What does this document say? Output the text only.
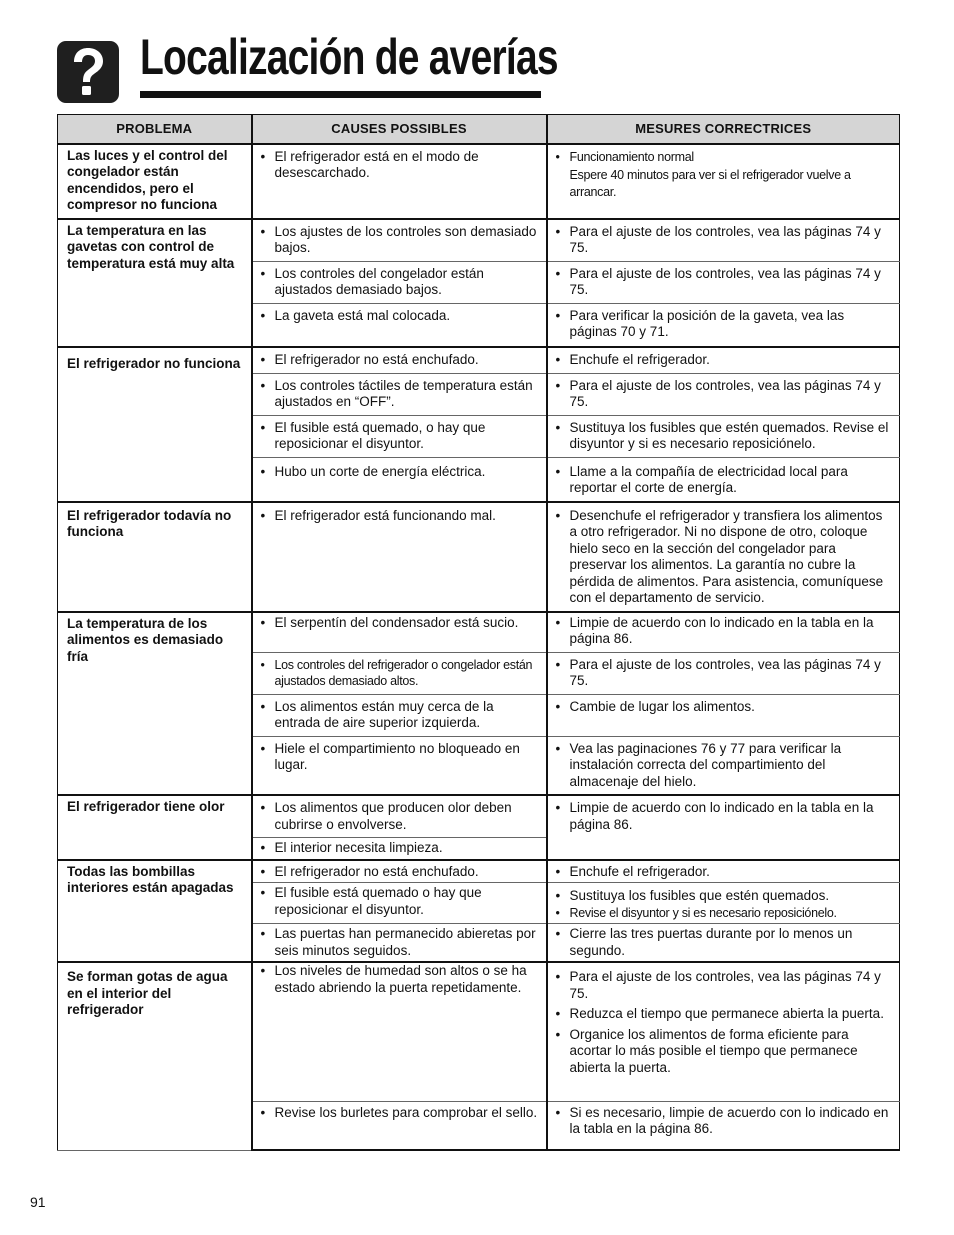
Localización de averías
PROBLEMA	CAUSES POSSIBLES	MESURES CORRECTRICES
Las luces y el control del congelador están encendidos, pero el compresor no funciona	• El refrigerador está en el modo de desescarchado.	• Funcionamiento normal
Espere 40 minutos para ver si el refrigerador vuelve a arrancar.

La temperatura en las gavetas con control de temperatura está muy alta	• Los ajustes de los controles son demasiado bajos.	• Para el ajuste de los controles, vea las páginas 74 y 75.

	• Los controles del congelador están ajustados demasiado bajos.	• Para el ajuste de los controles, vea las páginas 74 y 75.

	• La gaveta está mal colocada.	• Para verificar la posición de la gaveta, vea las páginas 70 y 71.

El refrigerador no funciona	• El refrigerador no está enchufado.	• Enchufe el refrigerador.

	• Los controles táctiles de temperatura están ajustados en “OFF”.	• Para el ajuste de los controles, vea las páginas 74 y 75.

	• El fusible está quemado, o hay que reposicionar el disyuntor.	• Sustituya los fusibles que estén quemados. Revise el disyuntor y si es necesario reposiciónelo.

	• Hubo un corte de energía eléctrica.	• Llame a la compañía de electricidad local para reportar el corte de energía.

El refrigerador todavía no funciona	• El refrigerador está funcionando mal.	• Desenchufe el refrigerador y transfiera los alimentos a otro refrigerador. Ni no dispone de otro, coloque hielo seco en la sección del congelador para preservar los alimentos. La garantía no cubre la pérdida de alimentos. Para asistencia, comuníquese con el departamento de servicio.

La temperatura de los alimentos es demasiado fría	• El serpentín del condensador está sucio.	• Limpie de acuerdo con lo indicado en la tabla en la página 86.

	• Los controles del refrigerador o congelador están ajustados demasiado altos.	• Para el ajuste de los controles, vea las páginas 74 y 75.

	• Los alimentos están muy cerca de la entrada de aire superior izquierda.	• Cambie de lugar los alimentos.

	• Hiele el compartimiento no bloqueado en lugar.	• Vea las paginaciones 76 y 77 para verificar la instalación correcta del compartimiento del almacenaje del hielo.

El refrigerador tiene olor	• Los alimentos que producen olor deben cubrirse o envolverse.	• Limpie de acuerdo con lo indicado en la tabla en la página 86.

	• El interior necesita limpieza.

Todas las bombillas interiores están apagadas	• El refrigerador no está enchufado.	• Enchufe el refrigerador.

	• El fusible está quemado o hay que reposicionar el disyuntor.	• Sustituya los fusibles que estén quemados.
• Revise el disyuntor y si es necesario reposiciónelo.

	• Las puertas han permanecido abieretas por seis minutos seguidos.	• Cierre las tres puertas durante por lo menos un segundo.

Se forman gotas de agua en el interior del refrigerador	• Los niveles de humedad son altos o se ha estado abriendo la puerta repetidamente.	• Para el ajuste de los controles, vea las páginas 74 y 75.
• Reduzca el tiempo que permanece abierta la puerta.
• Organice los alimentos de forma eficiente para acortar lo más posible el tiempo que permanece abierta la puerta.

	• Revise los burletes para comprobar el sello.	• Si es necesario, limpie de acuerdo con lo indicado en la tabla en la página 86.
91
